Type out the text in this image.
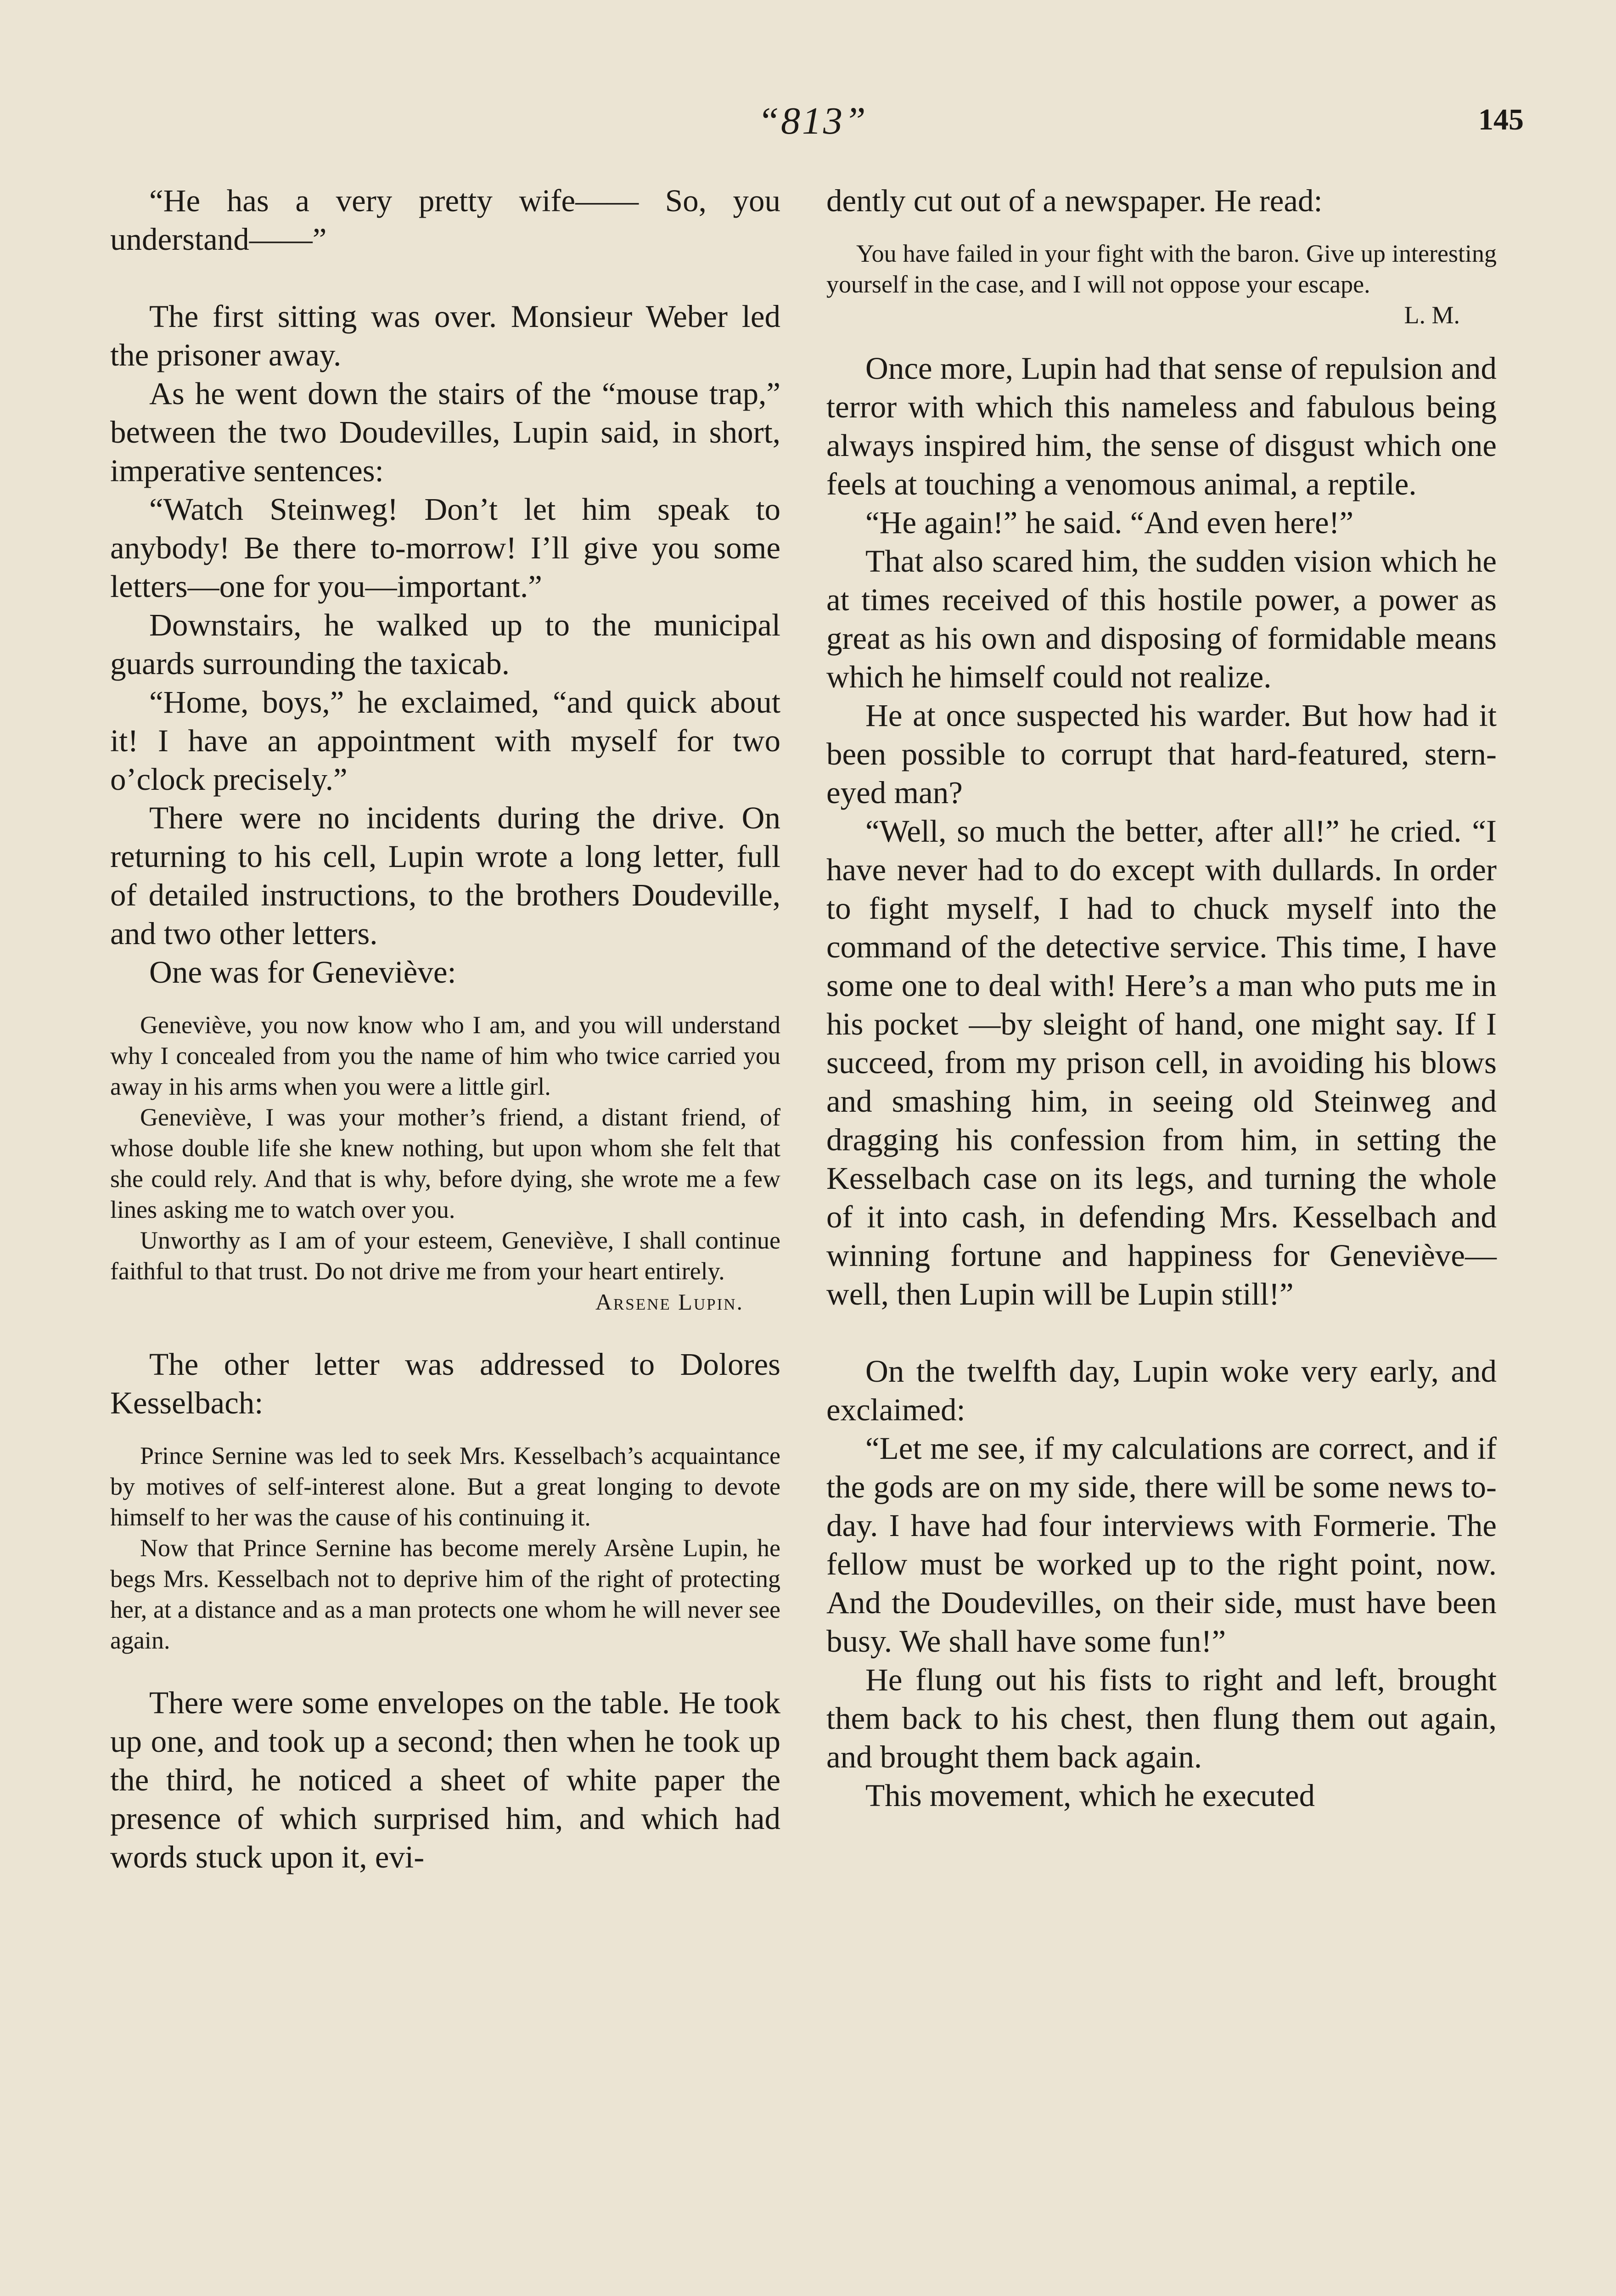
“813”	145

“He has a very pretty wife—— So, you understand——”

The first sitting was over. Monsieur Weber led the prisoner away.

As he went down the stairs of the “mouse trap,” between the two Doudevilles, Lupin said, in short, imperative sentences:

“Watch Steinweg! Don’t let him speak to anybody! Be there to-morrow! I’ll give you some letters—one for you—important.”

Downstairs, he walked up to the municipal guards surrounding the taxicab.

“Home, boys,” he exclaimed, “and quick about it! I have an appointment with myself for two o’clock precisely.”

There were no incidents during the drive. On returning to his cell, Lupin wrote a long letter, full of detailed instructions, to the brothers Doudeville, and two other letters.

One was for Geneviève:

Geneviève, you now know who I am, and you will understand why I concealed from you the name of him who twice carried you away in his arms when you were a little girl.

Geneviève, I was your mother’s friend, a distant friend, of whose double life she knew nothing, but upon whom she felt that she could rely. And that is why, before dying, she wrote me a few lines asking me to watch over you.

Unworthy as I am of your esteem, Geneviève, I shall continue faithful to that trust. Do not drive me from your heart entirely.

Arsene Lupin.

The other letter was addressed to Dolores Kesselbach:

Prince Sernine was led to seek Mrs. Kesselbach’s acquaintance by motives of self-interest alone. But a great longing to devote himself to her was the cause of his continuing it.

Now that Prince Sernine has become merely Arsène Lupin, he begs Mrs. Kesselbach not to deprive him of the right of protecting her, at a distance and as a man protects one whom he will never see again.

There were some envelopes on the table. He took up one, and took up a second; then when he took up the third, he noticed a sheet of white paper the presence of which surprised him, and which had words stuck upon it, evi-

dently cut out of a newspaper. He read:

You have failed in your fight with the baron. Give up interesting yourself in the case, and I will not oppose your escape.

L. M.

Once more, Lupin had that sense of repulsion and terror with which this nameless and fabulous being always inspired him, the sense of disgust which one feels at touching a venomous animal, a reptile.

“He again!” he said. “And even here!”

That also scared him, the sudden vision which he at times received of this hostile power, a power as great as his own and disposing of formidable means which he himself could not realize.

He at once suspected his warder. But how had it been possible to corrupt that hard-featured, stern-eyed man?

“Well, so much the better, after all!” he cried. “I have never had to do except with dullards. In order to fight myself, I had to chuck myself into the command of the detective service. This time, I have some one to deal with! Here’s a man who puts me in his pocket —by sleight of hand, one might say. If I succeed, from my prison cell, in avoiding his blows and smashing him, in seeing old Steinweg and dragging his confession from him, in setting the Kesselbach case on its legs, and turning the whole of it into cash, in defending Mrs. Kesselbach and winning fortune and happiness for Geneviève—well, then Lupin will be Lupin still!”

On the twelfth day, Lupin woke very early, and exclaimed:

“Let me see, if my calculations are correct, and if the gods are on my side, there will be some news to-day. I have had four interviews with Formerie. The fellow must be worked up to the right point, now. And the Doudevilles, on their side, must have been busy. We shall have some fun!”

He flung out his fists to right and left, brought them back to his chest, then flung them out again, and brought them back again.

This movement, which he executed
